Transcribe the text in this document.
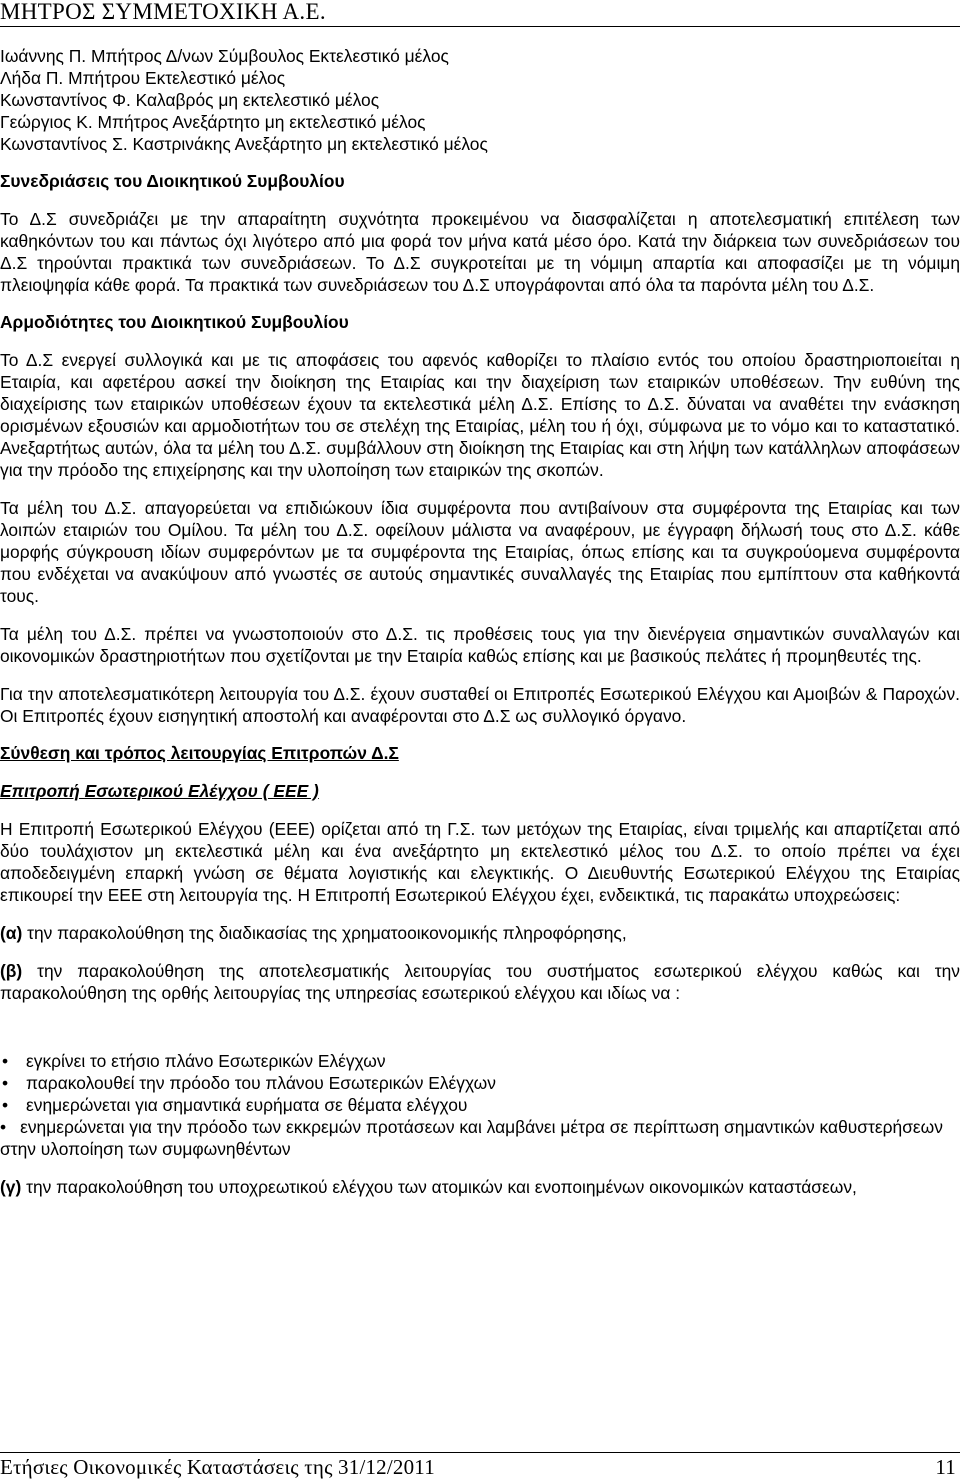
ΜΗΤΡΟΣ ΣΥΜΜΕΤΟΧΙΚΗ Α.Ε.
Ιωάννης Π. Μπήτρος Δ/νων Σύμβουλος Εκτελεστικό μέλος
Λήδα Π. Μπήτρου Εκτελεστικό μέλος
Κωνσταντίνος Φ. Καλαβρός μη εκτελεστικό μέλος
Γεώργιος Κ. Μπήτρος Ανεξάρτητο μη εκτελεστικό μέλος
Κωνσταντίνος Σ. Καστρινάκης Ανεξάρτητο μη εκτελεστικό μέλος
Συνεδριάσεις του Διοικητικού Συμβουλίου
Το Δ.Σ συνεδριάζει με την απαραίτητη συχνότητα προκειμένου να διασφαλίζεται η αποτελεσματική επιτέλεση των καθηκόντων του και πάντως όχι λιγότερο από μια φορά τον μήνα κατά μέσο όρο. Κατά την διάρκεια των συνεδριάσεων του Δ.Σ τηρούνται πρακτικά των συνεδριάσεων. Το Δ.Σ συγκροτείται με τη νόμιμη απαρτία και αποφασίζει με τη νόμιμη πλειοψηφία κάθε φορά. Τα πρακτικά των συνεδριάσεων του Δ.Σ υπογράφονται από όλα τα παρόντα μέλη του Δ.Σ.
Αρμοδιότητες του Διοικητικού Συμβουλίου
Το Δ.Σ ενεργεί συλλογικά και με τις αποφάσεις του αφενός καθορίζει το πλαίσιο εντός του οποίου δραστηριοποιείται η Εταιρία, και αφετέρου ασκεί την διοίκηση της Εταιρίας και την διαχείριση των εταιρικών υποθέσεων. Την ευθύνη της διαχείρισης των εταιρικών υποθέσεων έχουν τα εκτελεστικά μέλη Δ.Σ. Επίσης το Δ.Σ. δύναται να αναθέτει την ενάσκηση ορισμένων εξουσιών και αρμοδιοτήτων του σε στελέχη της Εταιρίας, μέλη του ή όχι, σύμφωνα με το νόμο και το καταστατικό. Ανεξαρτήτως αυτών, όλα τα μέλη του Δ.Σ. συμβάλλουν στη διοίκηση της Εταιρίας και στη λήψη των κατάλληλων αποφάσεων για την πρόοδο της επιχείρησης και την υλοποίηση των εταιρικών της σκοπών.
Τα μέλη του Δ.Σ. απαγορεύεται να επιδιώκουν ίδια συμφέροντα που αντιβαίνουν στα συμφέροντα της Εταιρίας και των λοιπών εταιριών του Ομίλου. Τα μέλη του Δ.Σ. οφείλουν μάλιστα να αναφέρουν, με έγγραφη δήλωσή τους στο Δ.Σ. κάθε μορφής σύγκρουση ιδίων συμφερόντων με τα συμφέροντα της Εταιρίας, όπως επίσης και τα συγκρούομενα συμφέροντα που ενδέχεται να ανακύψουν από γνωστές σε αυτούς σημαντικές συναλλαγές της Εταιρίας που εμπίπτουν στα καθήκοντά τους.
Τα μέλη του Δ.Σ. πρέπει να γνωστοποιούν στο Δ.Σ. τις προθέσεις τους για την διενέργεια σημαντικών συναλλαγών και οικονομικών δραστηριοτήτων που σχετίζονται με την Εταιρία καθώς επίσης και με βασικούς πελάτες ή προμηθευτές της.
Για την αποτελεσματικότερη λειτουργία του Δ.Σ. έχουν συσταθεί οι Επιτροπές Εσωτερικού Ελέγχου και Αμοιβών & Παροχών. Οι Επιτροπές έχουν εισηγητική αποστολή και αναφέρονται στο Δ.Σ ως συλλογικό όργανο.
Σύνθεση και τρόπος λειτουργίας Επιτροπών Δ.Σ
Επιτροπή Εσωτερικού Ελέγχου ( ΕΕΕ )
Η Επιτροπή Εσωτερικού Ελέγχου (ΕΕΕ) ορίζεται από τη Γ.Σ. των μετόχων της Εταιρίας, είναι τριμελής και απαρτίζεται από δύο τουλάχιστον μη εκτελεστικά μέλη και ένα ανεξάρτητο μη εκτελεστικό μέλος του Δ.Σ. το οποίο πρέπει να έχει αποδεδειγμένη επαρκή γνώση σε θέματα λογιστικής και ελεγκτικής. Ο Διευθυντής Εσωτερικού Ελέγχου της Εταιρίας επικουρεί την ΕΕΕ στη λειτουργία της. Η Επιτροπή Εσωτερικού Ελέγχου έχει, ενδεικτικά, τις παρακάτω υποχρεώσεις:
(α) την παρακολούθηση της διαδικασίας της χρηματοοικονομικής πληροφόρησης,
(β) την παρακολούθηση της αποτελεσματικής λειτουργίας του συστήματος εσωτερικού ελέγχου καθώς και την παρακολούθηση της ορθής λειτουργίας της υπηρεσίας εσωτερικού ελέγχου και ιδίως να :
• εγκρίνει το ετήσιο πλάνο Εσωτερικών Ελέγχων
• παρακολουθεί την πρόοδο του πλάνου Εσωτερικών Ελέγχων
• ενημερώνεται για σημαντικά ευρήματα σε θέματα ελέγχου
• ενημερώνεται για την πρόοδο των εκκρεμών προτάσεων και λαμβάνει μέτρα σε περίπτωση σημαντικών καθυστερήσεων στην υλοποίηση των συμφωνηθέντων
(γ) την παρακολούθηση του υποχρεωτικού ελέγχου των ατομικών και ενοποιημένων οικονομικών καταστάσεων,
Ετήσιες Οικονομικές Καταστάσεις της 31/12/2011	11
